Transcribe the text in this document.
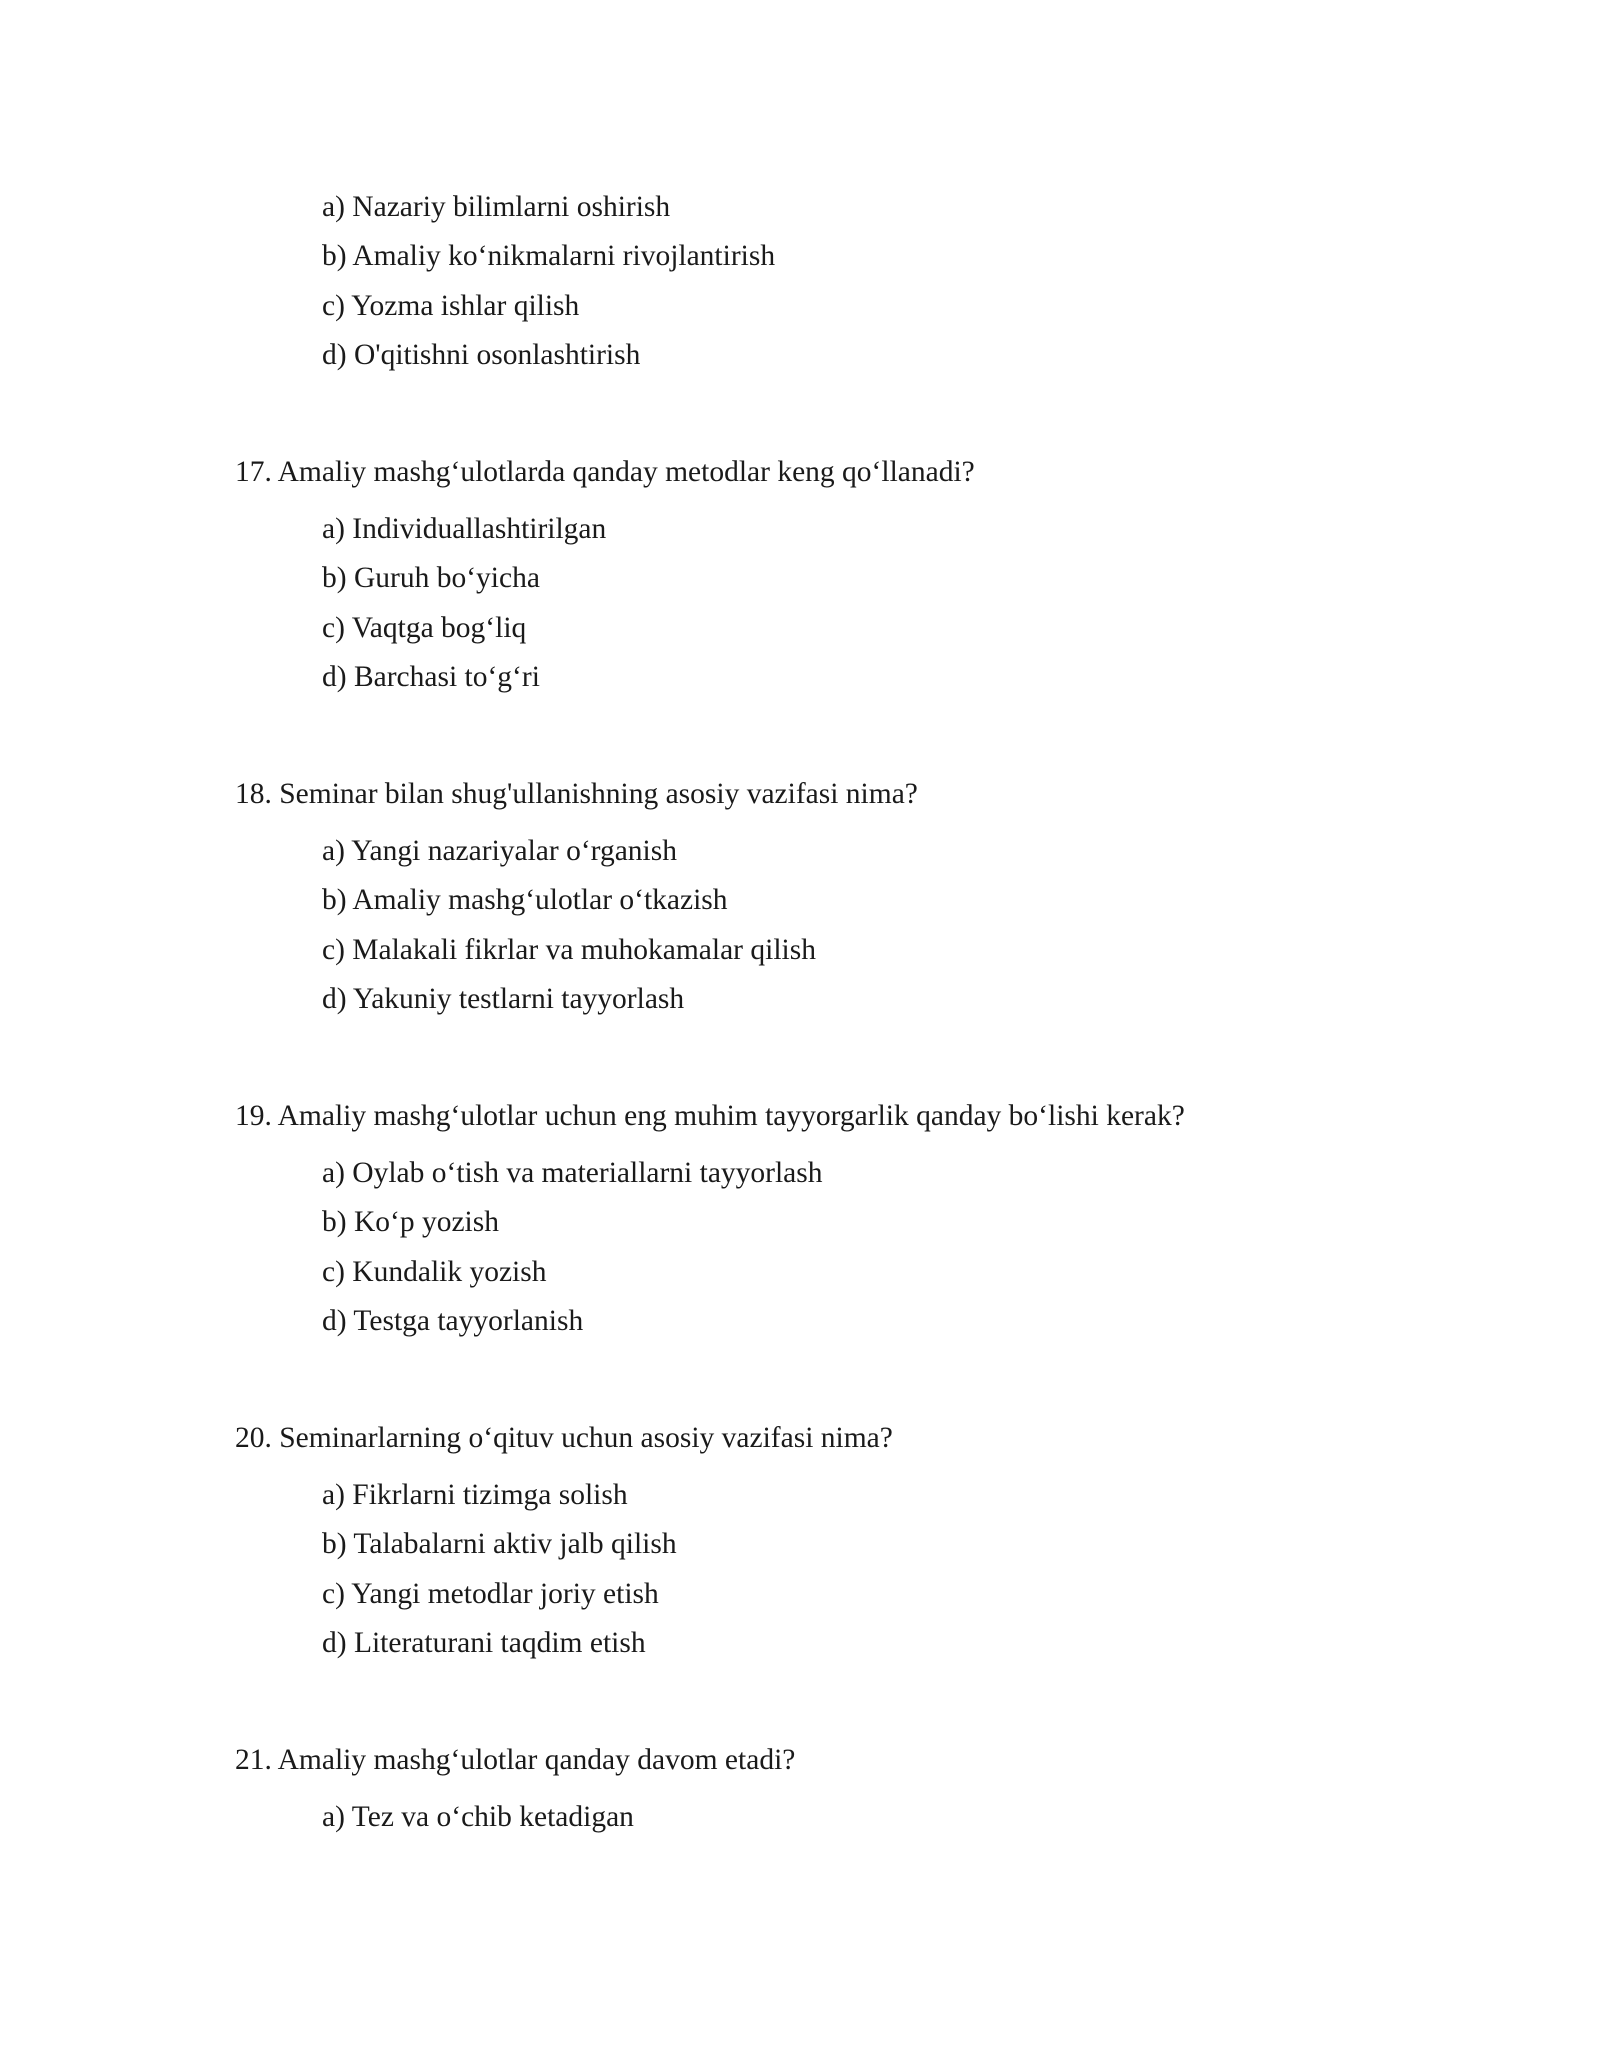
a) Nazariy bilimlarni oshirish
b) Amaliy ko‘nikmalarni rivojlantirish
c) Yozma ishlar qilish
d) O'qitishni osonlashtirish
17. Amaliy mashg‘ulotlarda qanday metodlar keng qo‘llanadi?
a) Individuallashtirilgan
b) Guruh bo‘yicha
c) Vaqtga bog‘liq
d) Barchasi to‘g‘ri
18. Seminar bilan shug'ullanishning asosiy vazifasi nima?
a) Yangi nazariyalar o‘rganish
b) Amaliy mashg‘ulotlar o‘tkazish
c) Malakali fikrlar va muhokamalar qilish
d) Yakuniy testlarni tayyorlash
19. Amaliy mashg‘ulotlar uchun eng muhim tayyorgarlik qanday bo‘lishi kerak?
a) Oylab o‘tish va materiallarni tayyorlash
b) Ko‘p yozish
c) Kundalik yozish
d) Testga tayyorlanish
20. Seminarlarning o‘qituv uchun asosiy vazifasi nima?
a) Fikrlarni tizimga solish
b) Talabalarni aktiv jalb qilish
c) Yangi metodlar joriy etish
d) Literaturani taqdim etish
21. Amaliy mashg‘ulotlar qanday davom etadi?
a) Tez va o‘chib ketadigan
